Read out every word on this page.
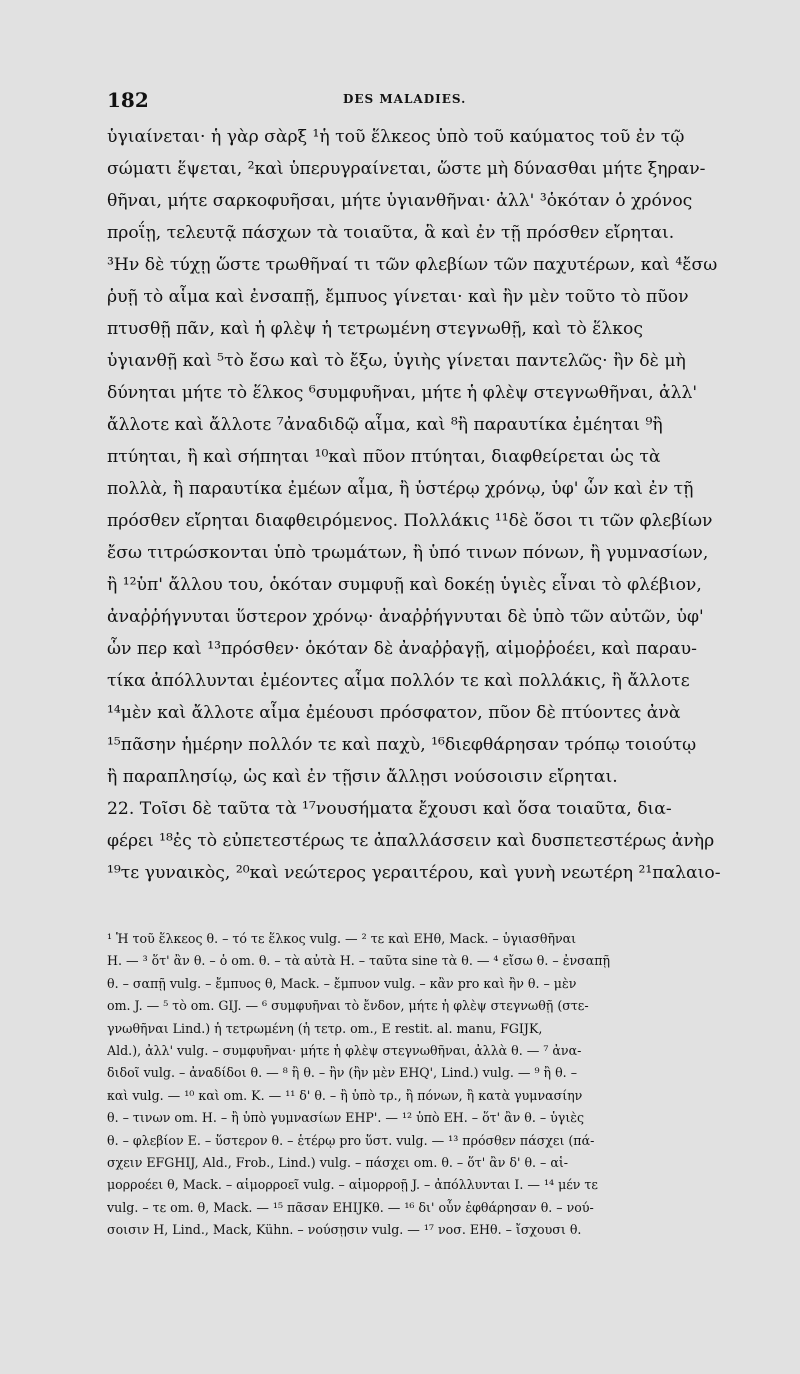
182	DES MALADIES.
ὑγιαίνεται· ἡ γὰρ σὰρξ ¹ἡ τοῦ ἕλκεος ὑπὸ τοῦ καύματος τοῦ ἐν τῷ
σώματι ἕψεται, ²καὶ ὑπερυγραίνεται, ὥστε μὴ δύνασθαι μήτε ξηραν-
θῆναι, μήτε σαρκοφυῆσαι, μήτε ὑγιανθῆναι· ἀλλ' ³ὁκόταν ὁ χρόνος
προΐῃ, τελευτᾷ πάσχων τὰ τοιαῦτα, ἃ καὶ ἐν τῇ πρόσθεν εἴρηται.
³Ην δὲ τύχῃ ὥστε τρωθῆναί τι τῶν φλεβίων τῶν παχυτέρων, καὶ ⁴ἔσω
ῥυῇ τὸ αἷμα καὶ ἐνσαπῇ, ἔμπυος γίνεται· καὶ ἢν μὲν τοῦτο τὸ πῦον
πτυσθῇ πᾶν, καὶ ἡ φλὲψ ἡ τετρωμένη στεγνωθῇ, καὶ τὸ ἕλκος
ὑγιανθῇ καὶ ⁵τὸ ἔσω καὶ τὸ ἔξω, ὑγιὴς γίνεται παντελῶς· ἢν δὲ μὴ
δύνηται μήτε τὸ ἕλκος ⁶συμφυῆναι, μήτε ἡ φλὲψ στεγνωθῆναι, ἀλλ'
ἄλλοτε καὶ ἄλλοτε ⁷ἀναδιδῷ αἷμα, καὶ ⁸ἢ παραυτίκα ἐμέηται ⁹ἢ
πτύηται, ἢ καὶ σήπηται ¹⁰καὶ πῦον πτύηται, διαφθείρεται ὡς τὰ
πολλὰ, ἢ παραυτίκα ἐμέων αἷμα, ἢ ὑστέρῳ χρόνῳ, ὑφ' ὧν καὶ ἐν τῇ
πρόσθεν εἴρηται διαφθειρόμενος. Πολλάκις ¹¹δὲ ὅσοι τι τῶν φλεβίων
ἔσω τιτρώσκονται ὑπὸ τρωμάτων, ἢ ὑπό τινων πόνων, ἢ γυμνασίων,
ἢ ¹²ὑπ' ἄλλου του, ὁκόταν συμφυῇ καὶ δοκέῃ ὑγιὲς εἶναι τὸ φλέβιον,
ἀναῤῥήγνυται ὕστερον χρόνῳ· ἀναῤῥήγνυται δὲ ὑπὸ τῶν αὐτῶν, ὑφ'
ὧν περ καὶ ¹³πρόσθεν· ὁκόταν δὲ ἀναῤῥαγῇ, αἱμοῤῥοέει, καὶ παραυ-
τίκα ἀπόλλυνται ἐμέοντες αἷμα πολλόν τε καὶ πολλάκις, ἢ ἄλλοτε
¹⁴μὲν καὶ ἄλλοτε αἷμα ἐμέουσι πρόσφατον, πῦον δὲ πτύοντες ἀνὰ
¹⁵πᾶσην ἡμέρην πολλόν τε καὶ παχὺ, ¹⁶διεφθάρησαν τρόπῳ τοιούτῳ
ἢ παραπλησίῳ, ὡς καὶ ἐν τῇσιν ἄλλῃσι νούσοισιν εἴρηται.
22. Τοῖσι δὲ ταῦτα τὰ ¹⁷νουσήματα ἔχουσι καὶ ὅσα τοιαῦτα, δια-
φέρει ¹⁸ἐς τὸ εὐπετεστέρως τε ἀπαλλάσσειν καὶ δυσπετεστέρως ἀνὴρ
¹⁹τε γυναικὸς, ²⁰καὶ νεώτερος γεραιτέρου, καὶ γυνὴ νεωτέρη ²¹παλαιο-
¹ Ἡ τοῦ ἕλκεος θ. – τό τε ἕλκος vulg. — ² τε καὶ ΕΗθ, Mack. – ὑγιασθῆναι
H. — ³ ὅτ' ἂν θ. – ὁ om. θ. – τὰ αὐτὰ H. – ταῦτα sine τὰ θ. — ⁴ εἴσω θ. – ἐνσαπῇ
θ. – σαπῇ vulg. – ἔμπυος θ, Mack. – ἔμπυον vulg. – κἂν pro καὶ ἢν θ. – μὲν
om. J. — ⁵ τὸ om. GIJ. — ⁶ συμφυῆναι τὸ ἔνδον, μήτε ἡ φλὲψ στεγνωθῇ (στε-
γνωθῆναι Lind.) ἡ τετρωμένη (ἡ τετρ. om., E restit. al. manu, FGIJK,
Ald.), ἀλλ' vulg. – συμφυῆναι· μήτε ἡ φλὲψ στεγνωθῆναι, ἀλλὰ θ. — ⁷ ἀνα-
διδοῖ vulg. – ἀναδίδοι θ. — ⁸ ἢ θ. – ἢν (ἢν μὲν EHQ', Lind.) vulg. — ⁹ ἢ θ. –
καὶ vulg. — ¹⁰ καὶ om. K. — ¹¹ δ' θ. – ἢ ὑπὸ τρ., ἢ πόνων, ἢ κατὰ γυμνασίην
θ. – τινων om. H. – ἢ ὑπὸ γυμνασίων EHP'. — ¹² ὑπὸ EH. – ὅτ' ἂν θ. – ὑγιὲς
θ. – φλεβίον E. – ὕστερον θ. – ἑτέρῳ pro ὕστ. vulg. — ¹³ πρόσθεν πάσχει (πά-
σχειν EFGHIJ, Ald., Frob., Lind.) vulg. – πάσχει om. θ. – ὅτ' ἂν δ' θ. – αἱ-
μορροέει θ, Mack. – αἱμορροεῖ vulg. – αἱμορροῇ J. – ἀπόλλυνται I. — ¹⁴ μέν τε
vulg. – τε om. θ, Mack. — ¹⁵ πᾶσαν EHIJKθ. — ¹⁶ δι' οὖν ἐφθάρησαν θ. – νού-
σοισιν H, Lind., Mack, Kühn. – νούσῃσιν vulg. — ¹⁷ νοσ. EHθ. – ἴσχουσι θ.
